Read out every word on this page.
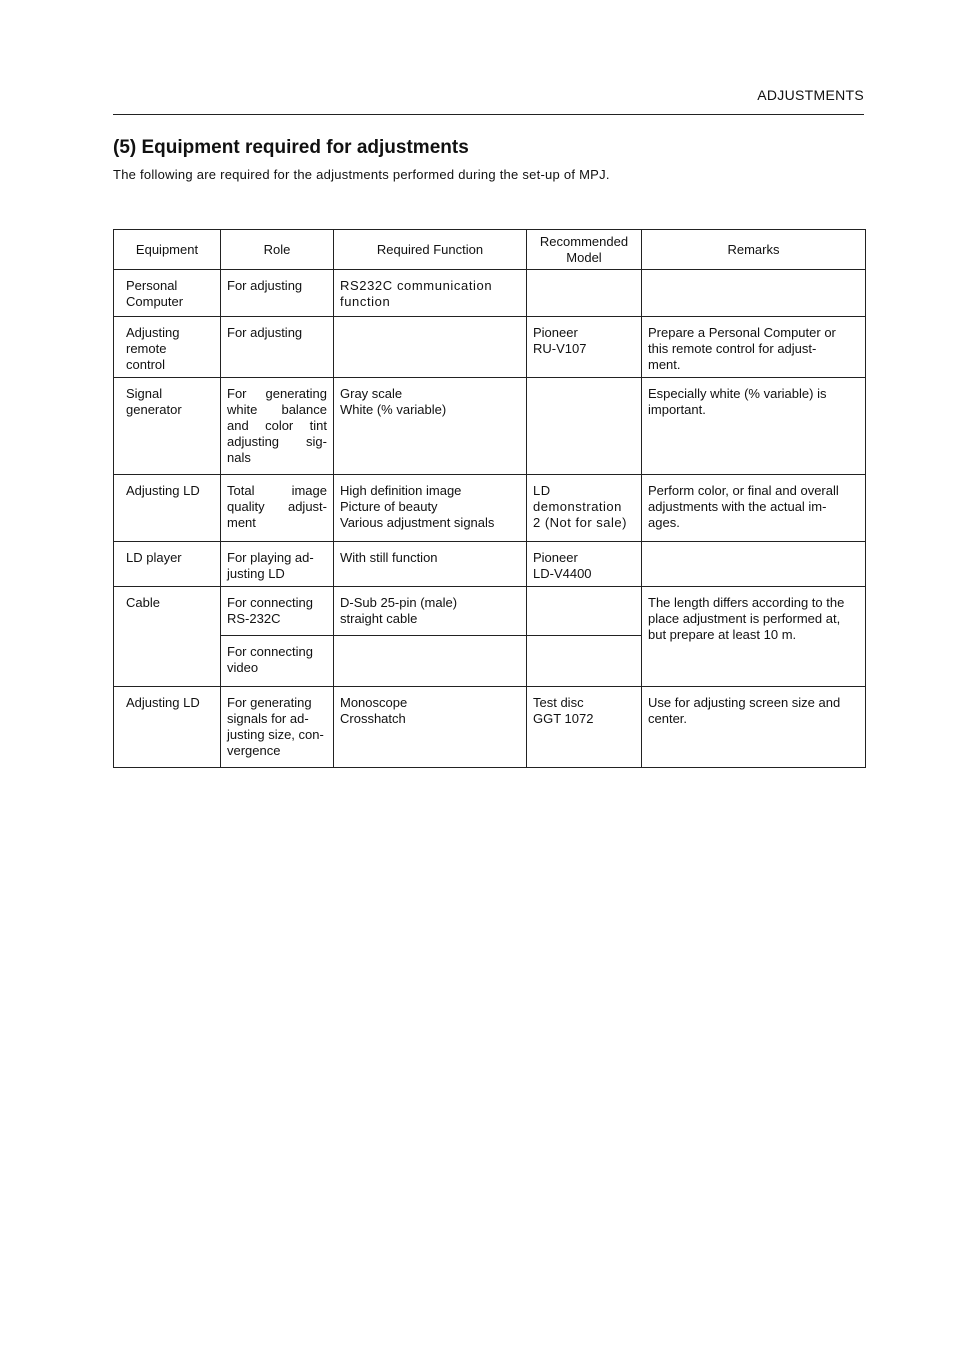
ADJUSTMENTS
(5) Equipment required for adjustments
The following are required for the adjustments performed during the set-up of MPJ.
Equipment	Role	Required Function	Recommended Model	Remarks

Personal
Computer	For adjusting	RS232C communication
function		

Adjusting
remote
control	For adjusting		Pioneer
RU-V107	Prepare a Personal Computer or
this remote control for adjust-
ment.

Signal
generator	For generating
white balance
and color tint
adjusting sig-
nals	Gray scale
White (% variable)		Especially white (% variable) is
important.

Adjusting LD	Total image
quality adjust-
ment	High definition image
Picture of beauty
Various adjustment signals	LD
demonstration
2 (Not for sale)	Perform color, or final and overall
adjustments with the actual im-
ages.

LD player	For playing ad-
justing LD	With still function	Pioneer
LD-V4400	

Cable	For connecting
RS-232C	D-Sub 25-pin (male)
straight cable		The length differs according to the
place adjustment is performed at,
but prepare at least 10 m.

	For connecting
video			

Adjusting LD	For generating
signals for ad-
justing size, con-
vergence	Monoscope
Crosshatch	Test disc
GGT 1072	Use for adjusting screen size and
center.
